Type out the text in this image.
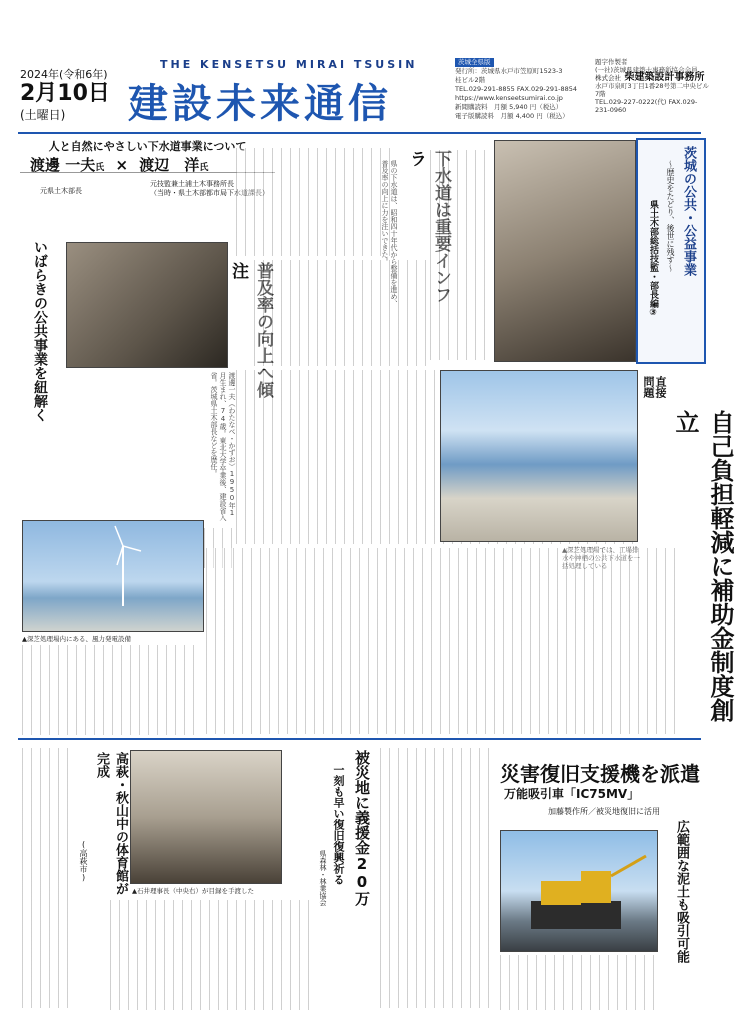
THE KENSETSU MIRAI TSUSIN
建設未来通信
2024年(令和6年)
2月10日
(土曜日)
茨城全県版
発行所：茨城県水戸市笠原町1523-3
桂ビル2階
TEL.029-291-8855 FAX.029-291-8854
https://www.kenseetsumirai.co.jp
新聞購読料　月額 5,940 円（税込）
電子版購読料　月額 4,400 円（税込）
題字作製者
(一社)茨城県建築士事務所協会会員
株式会社 柴建築設計事務所
水戸市泉町3丁目1番28号第二中央ビル7階
TEL.029-227-0222(代) FAX.029-231-0960
人と自然にやさしい下水道事業について
渡邊 一夫氏 × 渡辺　洋氏
元県土木部長
元技監兼土浦土木事務所長
（当時・県土木部都市局下水道課長）
いばらきの公共事業を紐解く
下水道は重要インフラ
普及率の向上へ傾注
渡邊一夫（わたなべ・かずお）1950年1月生まれ、74歳。東北大学卒業後、建設省入省。茨城県土木部長などを歴任。
県の下水道は、昭和四十年代から整備を進め、普及率の向上に力を注いできた。	茨城の公共・公益事業
〜歴史をたどり、後世に残す〜
県土木部総括技監・部長編③
▲深芝処理場では、工場排水や神栖の公共下水道を一括処理している
直接
問題
自己負担軽減に補助金制度創立
▲深芝処理場内にある、風力発電設備
高萩・秋山中の体育館が完成
(高萩市)
▲石井理事長（中央右）が目録を手渡した	被災地に義援金20万
一刻も早い復旧復興祈る
県森林・林業協会
災害復旧支援機を派遣
万能吸引車「IC75MV」
加藤製作所／被災地復旧に活用
広範囲な泥土も吸引可能
